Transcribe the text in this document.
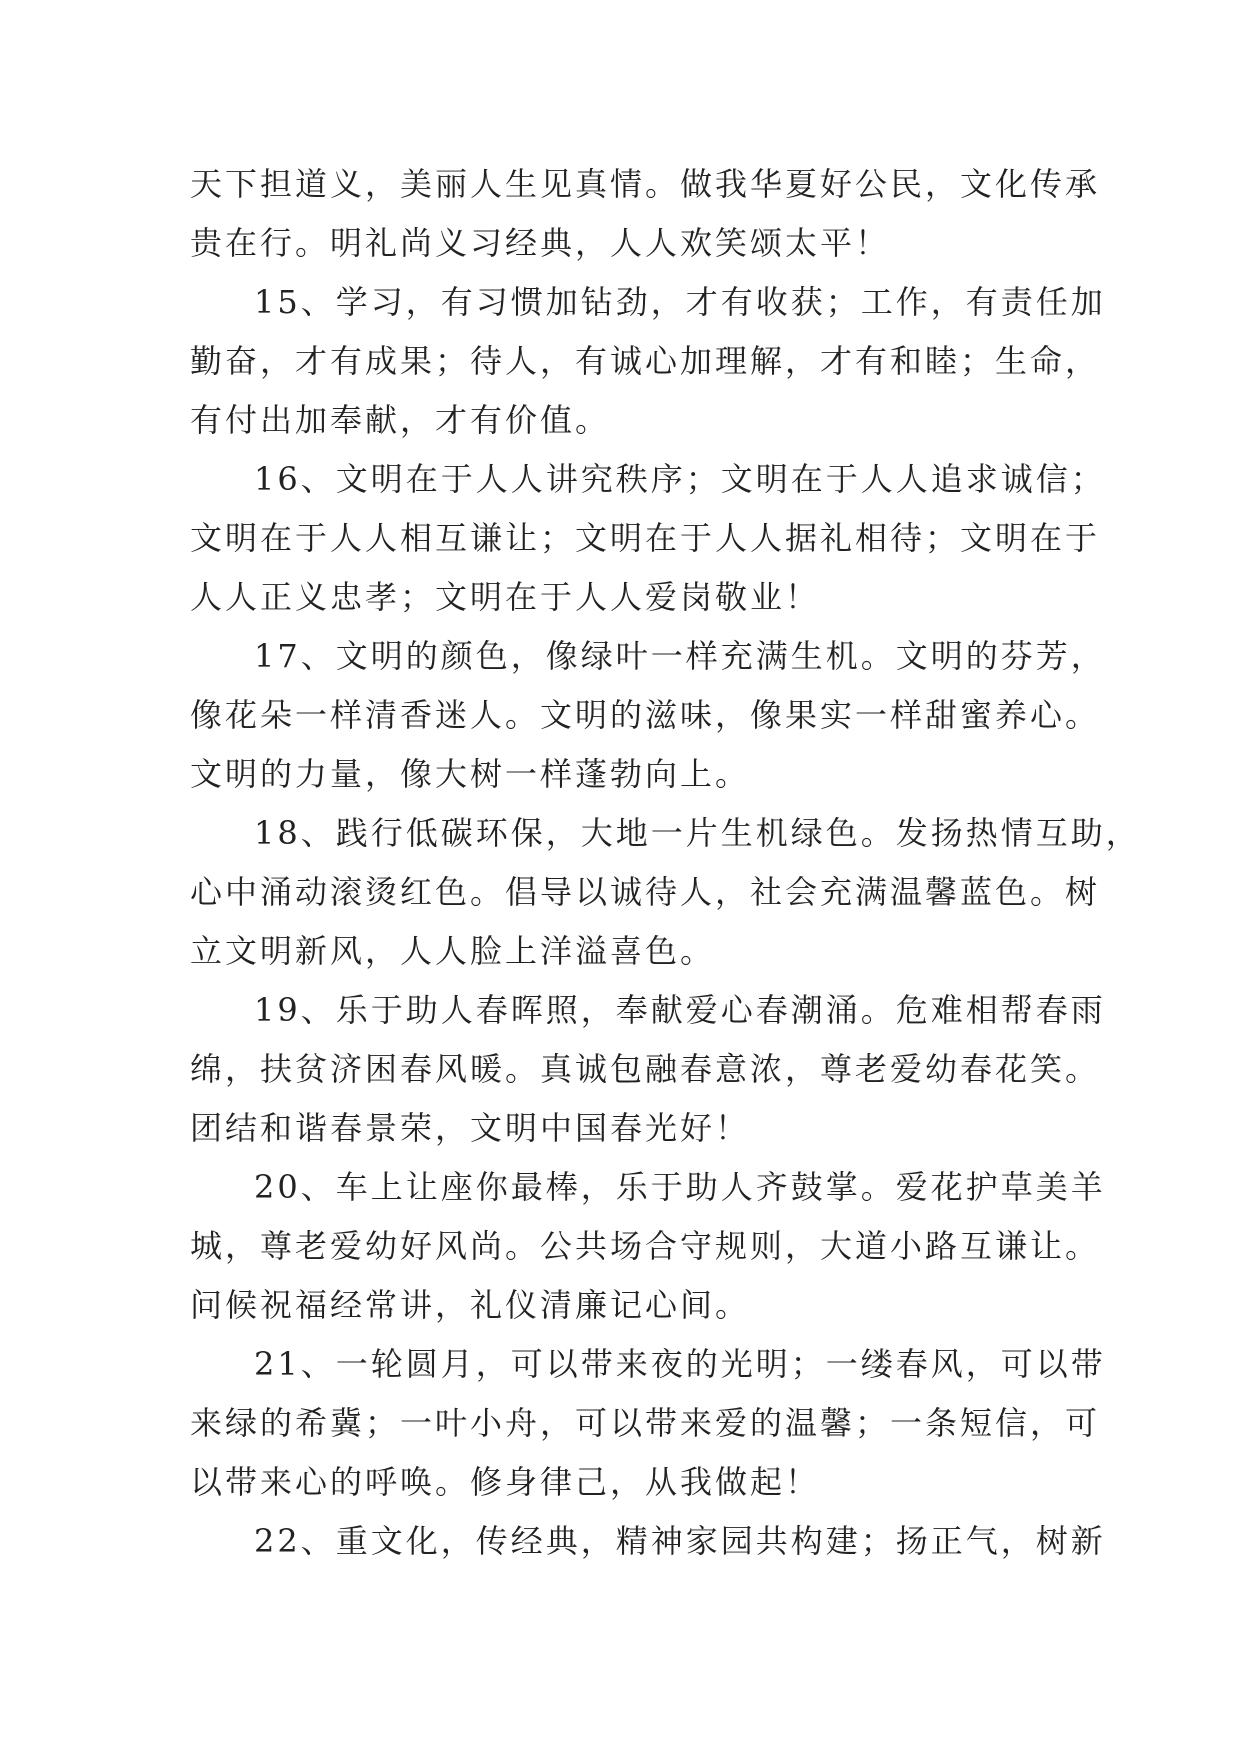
天下担道义，美丽人生见真情。做我华夏好公民，文化传承
贵在行。明礼尚义习经典，人人欢笑颂太平！
15、学习，有习惯加钻劲，才有收获；工作，有责任加
勤奋，才有成果；待人，有诚心加理解，才有和睦；生命，
有付出加奉献，才有价值。
16、文明在于人人讲究秩序；文明在于人人追求诚信；
文明在于人人相互谦让；文明在于人人据礼相待；文明在于
人人正义忠孝；文明在于人人爱岗敬业！
17、文明的颜色，像绿叶一样充满生机。文明的芬芳，
像花朵一样清香迷人。文明的滋味，像果实一样甜蜜养心。
文明的力量，像大树一样蓬勃向上。
18、践行低碳环保，大地一片生机绿色。发扬热情互助，
心中涌动滚烫红色。倡导以诚待人，社会充满温馨蓝色。树
立文明新风，人人脸上洋溢喜色。
19、乐于助人春晖照，奉献爱心春潮涌。危难相帮春雨
绵，扶贫济困春风暖。真诚包融春意浓，尊老爱幼春花笑。
团结和谐春景荣，文明中国春光好！
20、车上让座你最棒，乐于助人齐鼓掌。爱花护草美羊
城，尊老爱幼好风尚。公共场合守规则，大道小路互谦让。
问候祝福经常讲，礼仪清廉记心间。
21、一轮圆月，可以带来夜的光明；一缕春风，可以带
来绿的希冀；一叶小舟，可以带来爱的温馨；一条短信，可
以带来心的呼唤。修身律己，从我做起！
22、重文化，传经典，精神家园共构建；扬正气，树新
